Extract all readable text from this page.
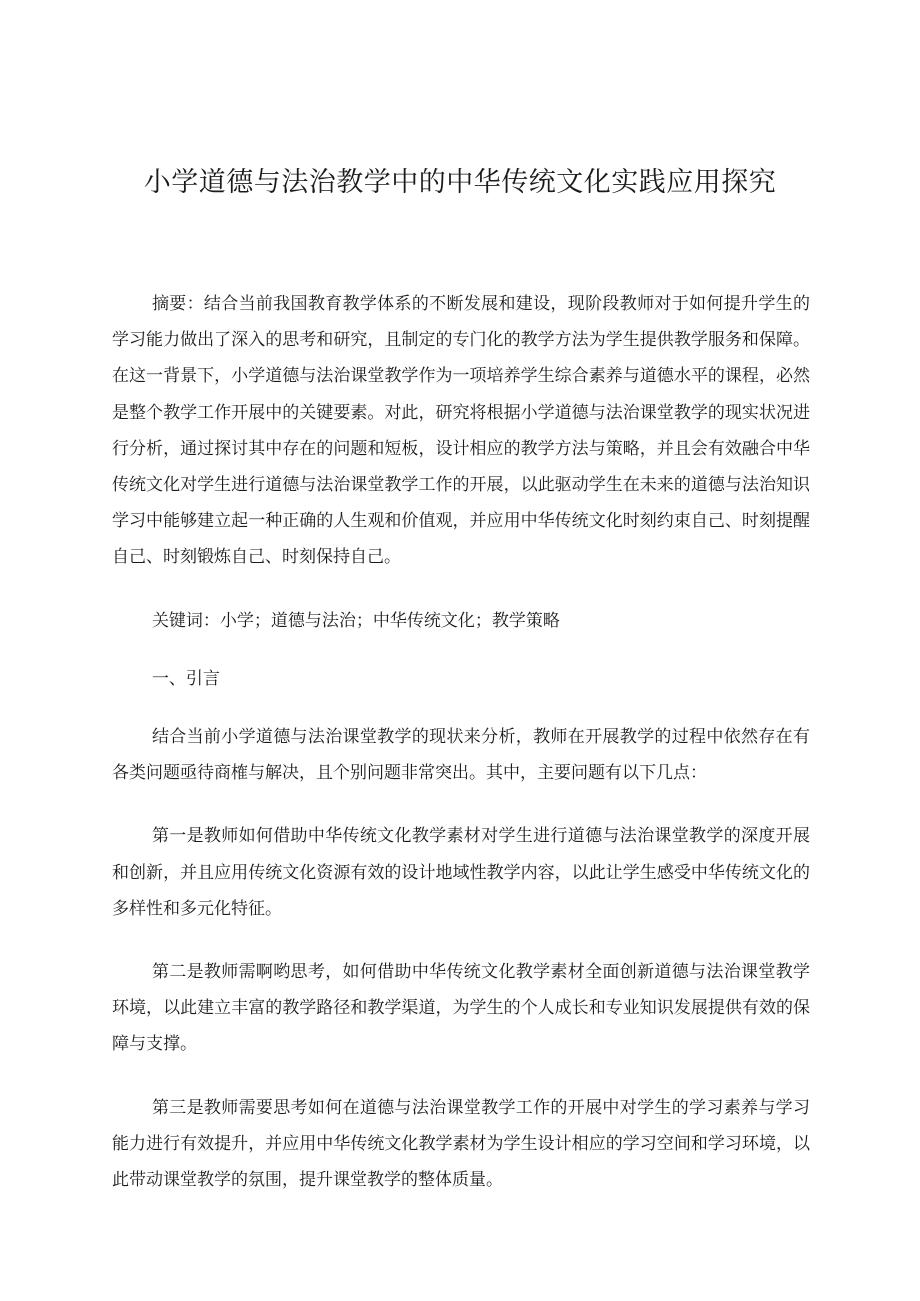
小学道德与法治教学中的中华传统文化实践应用探究

摘要：结合当前我国教育教学体系的不断发展和建设，现阶段教师对于如何提升学生的学习能力做出了深入的思考和研究，且制定的专门化的教学方法为学生提供教学服务和保障。在这一背景下，小学道德与法治课堂教学作为一项培养学生综合素养与道德水平的课程，必然是整个教学工作开展中的关键要素。对此，研究将根据小学道德与法治课堂教学的现实状况进行分析，通过探讨其中存在的问题和短板，设计相应的教学方法与策略，并且会有效融合中华传统文化对学生进行道德与法治课堂教学工作的开展，以此驱动学生在未来的道德与法治知识学习中能够建立起一种正确的人生观和价值观，并应用中华传统文化时刻约束自己、时刻提醒自己、时刻锻炼自己、时刻保持自己。

关键词：小学；道德与法治；中华传统文化；教学策略

一、引言

结合当前小学道德与法治课堂教学的现状来分析，教师在开展教学的过程中依然存在有各类问题亟待商榷与解决，且个别问题非常突出。其中，主要问题有以下几点：

第一是教师如何借助中华传统文化教学素材对学生进行道德与法治课堂教学的深度开展和创新，并且应用传统文化资源有效的设计地域性教学内容，以此让学生感受中华传统文化的多样性和多元化特征。

第二是教师需啊哟思考，如何借助中华传统文化教学素材全面创新道德与法治课堂教学环境，以此建立丰富的教学路径和教学渠道，为学生的个人成长和专业知识发展提供有效的保障与支撑。

第三是教师需要思考如何在道德与法治课堂教学工作的开展中对学生的学习素养与学习能力进行有效提升，并应用中华传统文化教学素材为学生设计相应的学习空间和学习环境，以此带动课堂教学的氛围，提升课堂教学的整体质量。
